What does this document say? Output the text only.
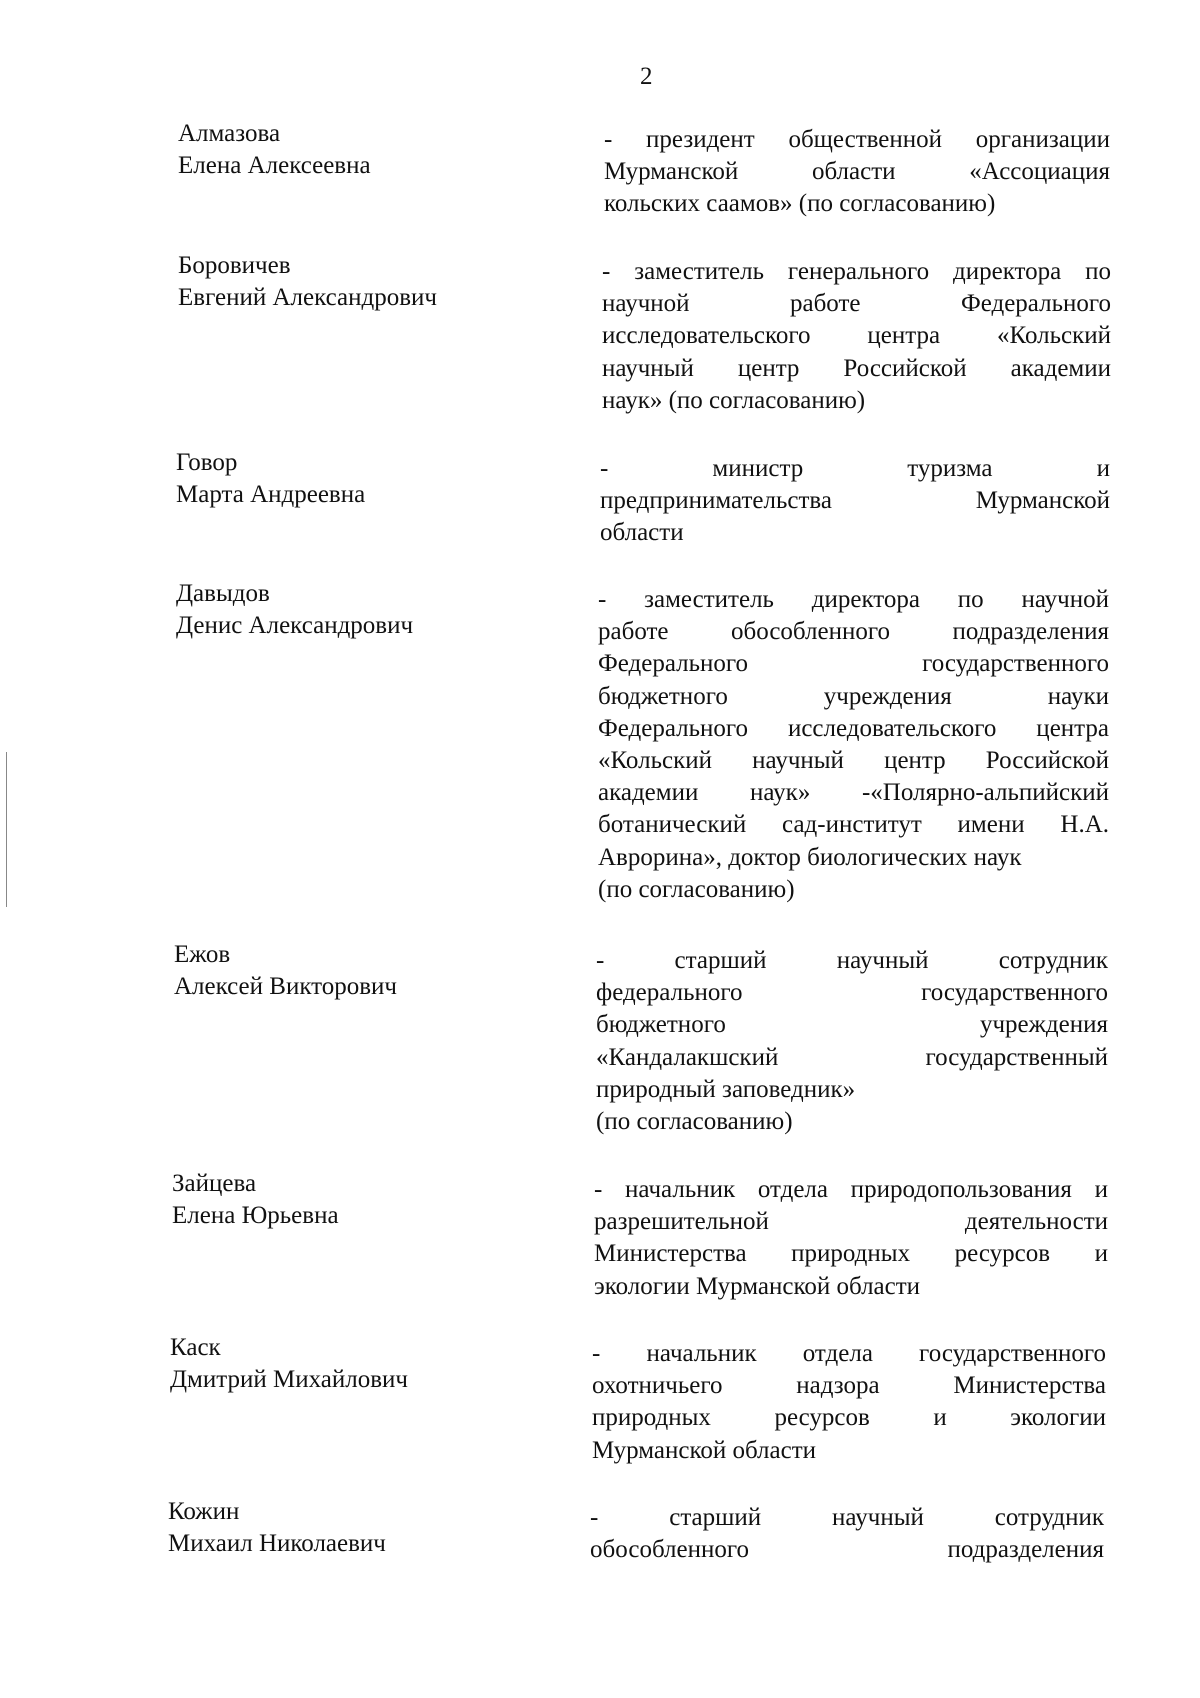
2
Алмазова
Елена Алексеевна
- президент общественной организации
Мурманской области «Ассоциация
кольских саамов» (по согласованию)
Боровичев
Евгений Александрович
- заместитель генерального директора по
научной работе Федерального
исследовательского центра «Кольский
научный центр Российской академии
наук» (по согласованию)
Говор
Марта Андреевна
- министр туризма и
предпринимательства Мурманской
области
Давыдов
Денис Александрович
- заместитель директора по научной
работе обособленного подразделения
Федерального государственного
бюджетного учреждения науки
Федерального исследовательского центра
«Кольский научный центр Российской
академии наук» -«Полярно-альпийский
ботанический сад-институт имени Н.А.
Аврорина», доктор биологических наук
(по согласованию)
Ежов
Алексей Викторович
- старший научный сотрудник
федерального государственного
бюджетного учреждения
«Кандалакшский государственный
природный заповедник»
(по согласованию)
Зайцева
Елена Юрьевна
- начальник отдела природопользования и
разрешительной деятельности
Министерства природных ресурсов и
экологии Мурманской области
Каск
Дмитрий Михайлович
- начальник отдела государственного
охотничьего надзора Министерства
природных ресурсов и экологии
Мурманской области
Кожин
Михаил Николаевич
- старший научный сотрудник
обособленного подразделения
